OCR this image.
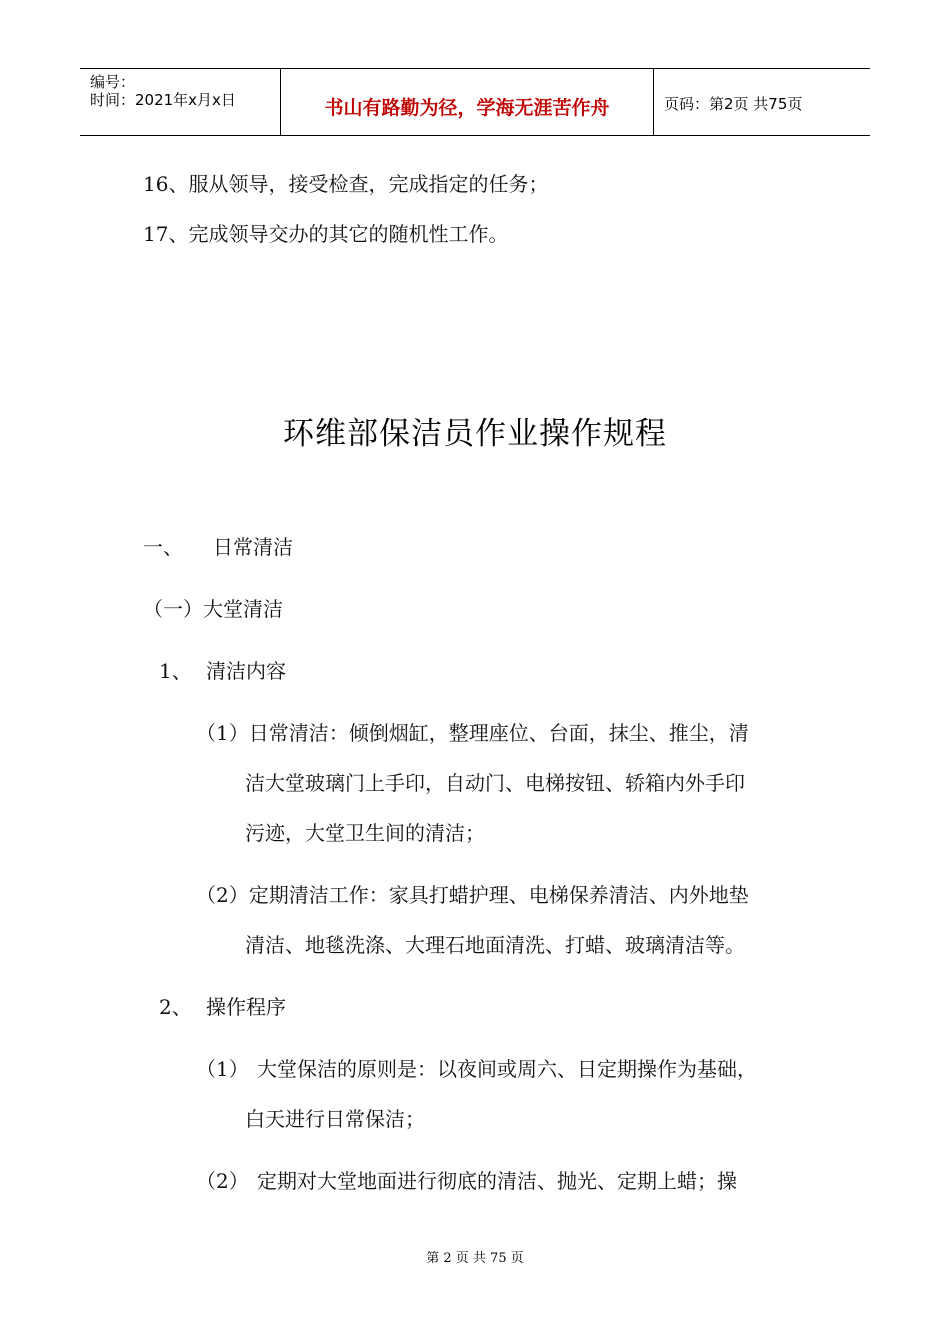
编号：
时间：2021年x月x日	书山有路勤为径，学海无涯苦作舟	页码：第2页 共75页
16、服从领导，接受检查，完成指定的任务；
17、完成领导交办的其它的随机性工作。
环维部保洁员作业操作规程
一、 日常清洁
（一）大堂清洁
1、 清洁内容
（1）日常清洁：倾倒烟缸，整理座位、台面，抹尘、推尘，清
洁大堂玻璃门上手印，自动门、电梯按钮、轿箱内外手印
污迹，大堂卫生间的清洁；
（2）定期清洁工作：家具打蜡护理、电梯保养清洁、内外地垫
清洁、地毯洗涤、大理石地面清洗、打蜡、玻璃清洁等。
2、 操作程序
（1） 大堂保洁的原则是：以夜间或周六、日定期操作为基础，
白天进行日常保洁；
（2） 定期对大堂地面进行彻底的清洁、抛光、定期上蜡；操
第 2 页 共 75 页
